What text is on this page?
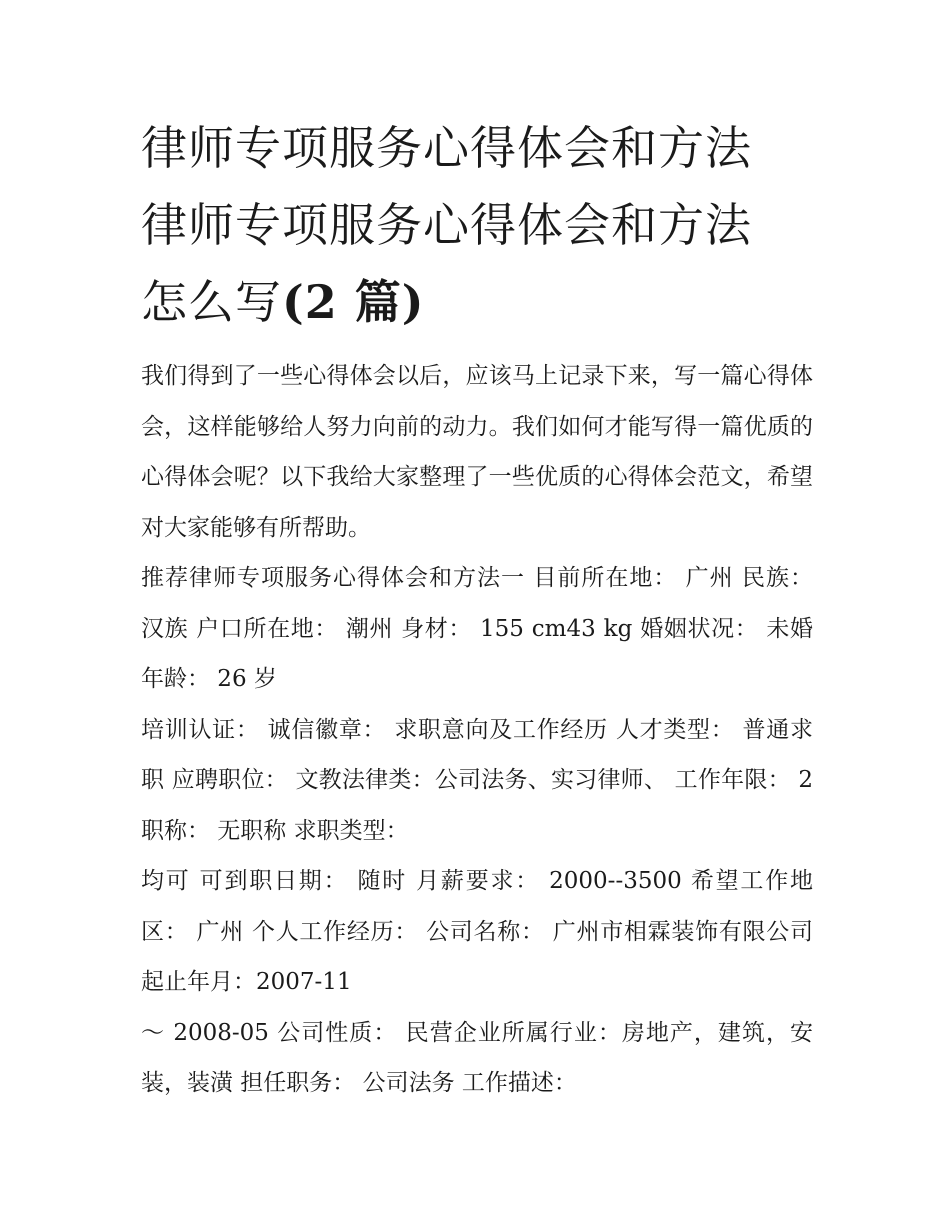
律师专项服务心得体会和方法
律师专项服务心得体会和方法
怎么写(2 篇)

我们得到了一些心得体会以后，应该马上记录下来，写一篇心得体会，这样能够给人努力向前的动力。我们如何才能写得一篇优质的心得体会呢？以下我给大家整理了一些优质的心得体会范文，希望对大家能够有所帮助。

推荐律师专项服务心得体会和方法一 目前所在地： 广州 民族： 汉族 户口所在地： 潮州 身材： 155 cm43 kg 婚姻状况： 未婚 年龄： 26 岁

培训认证： 诚信徽章： 求职意向及工作经历 人才类型： 普通求职 应聘职位： 文教法律类：公司法务、实习律师、 工作年限： 2 职称： 无职称 求职类型：

均可 可到职日期： 随时 月薪要求： 2000--3500 希望工作地区： 广州 个人工作经历： 公司名称： 广州市相霖装饰有限公司起止年月：2007-11

～ 2008-05 公司性质： 民营企业所属行业：房地产，建筑，安装，装潢 担任职务： 公司法务 工作描述：
